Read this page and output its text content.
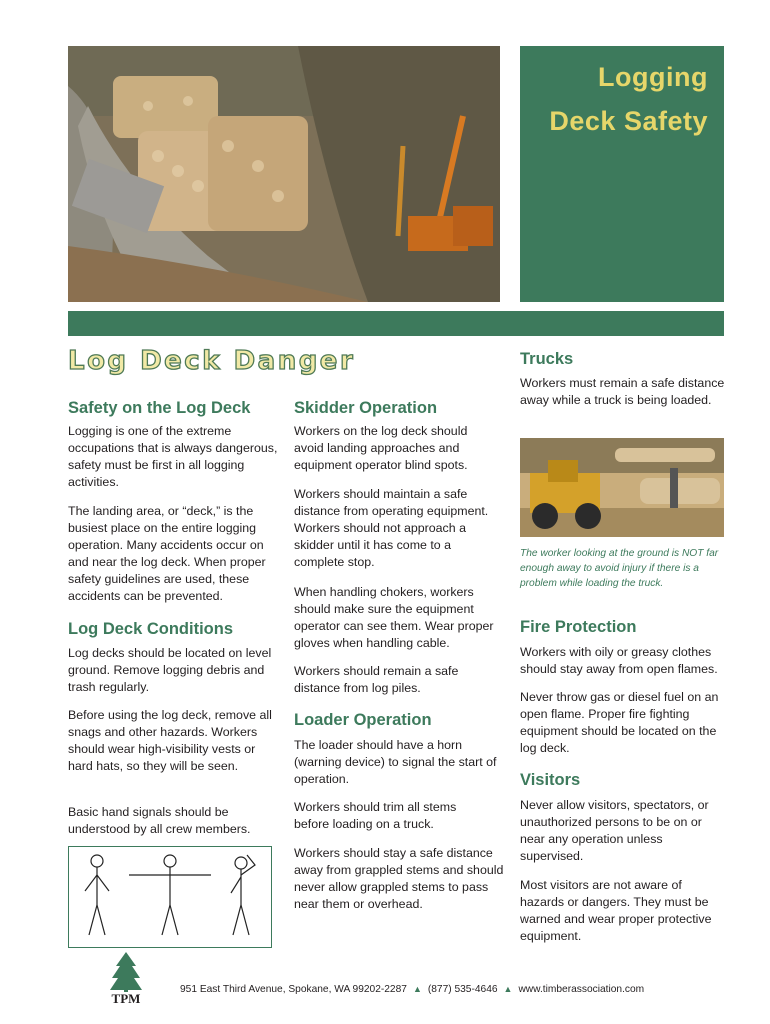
Logging
Deck Safety
Log Deck Danger
Safety on the Log Deck
Logging is one of the extreme occupations that is always dangerous, safety must be first in all logging activities.
The landing area, or “deck,” is the busiest place on the entire logging operation. Many accidents occur on and near the log deck. When proper safety guidelines are used, these accidents can be prevented.
Log Deck Conditions
Log decks should be located on level ground. Remove logging debris and trash regularly.
Before using the log deck, remove all snags and other hazards. Workers should wear high-visibility vests or hard hats, so they will be seen.
Basic hand signals should be understood by all crew members.
Skidder Operation
Workers on the log deck should avoid landing approaches and equipment operator blind spots.
Workers should maintain a safe distance from operating equipment. Workers should not approach a skidder until it has come to a complete stop.
When handling chokers, workers should make sure the equipment operator can see them. Wear proper gloves when handling cable.
Workers should remain a safe distance from log piles.
Loader Operation
The loader should have a horn (warning device) to signal the start of operation.
Workers should trim all stems before loading on a truck.
Workers should stay a safe distance away from grappled stems and should never allow grappled stems to pass near them or overhead.
Trucks
Workers must remain a safe distance away while a truck is being loaded.
The worker looking at the ground is NOT far enough away to avoid injury if there is a problem while loading the truck.
Fire Protection
Workers with oily or greasy clothes should stay away from open flames.
Never throw gas or diesel fuel on an open flame. Proper fire fighting equipment should be located on the log deck.
Visitors
Never allow visitors, spectators, or unauthorized persons to be on or near any operation unless supervised.
Most visitors are not aware of hazards or dangers. They must be warned and wear proper protective equipment.
TPM
951 East Third Avenue, Spokane, WA 99202-2287 ▲ (877) 535-4646 ▲ www.timberassociation.com
